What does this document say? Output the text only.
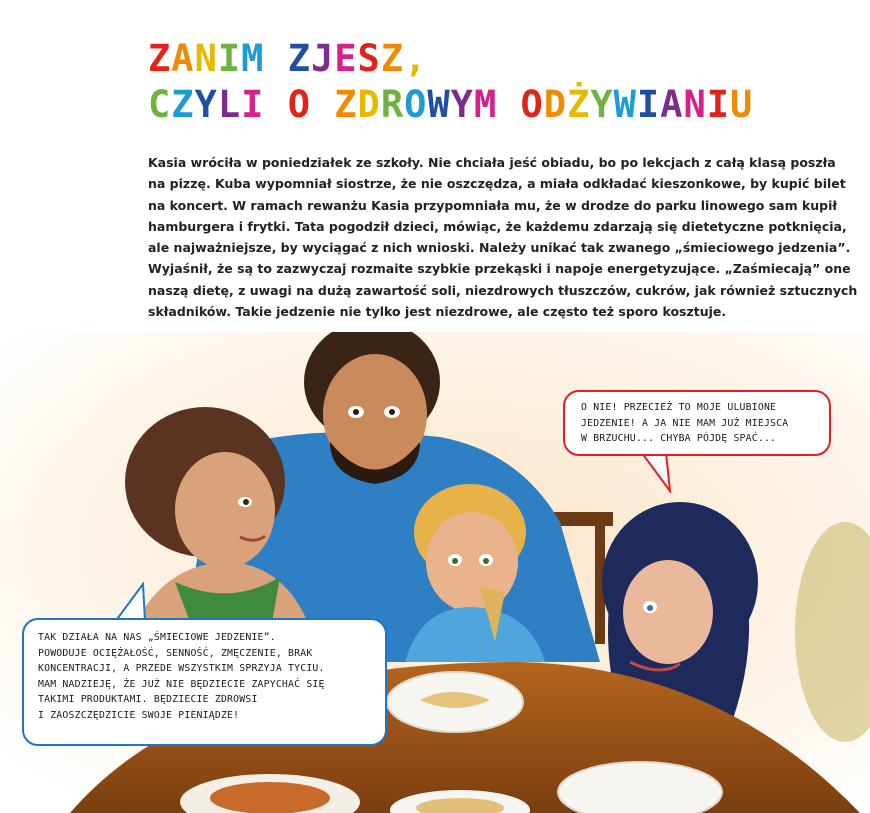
ZANIM ZJESZ,
CZYLI O ZDROWYM ODŻYWIANIU
Kasia wróciła w poniedziałek ze szkoły. Nie chciała jeść obiadu, bo po lekcjach z całą klasą poszła
na pizzę. Kuba wypomniał siostrze, że nie oszczędza, a miała odkładać kieszonkowe, by kupić bilet
na koncert. W ramach rewanżu Kasia przypomniała mu, że w drodze do parku linowego sam kupił
hamburgera i frytki. Tata pogodził dzieci, mówiąc, że każdemu zdarzają się dietetyczne potknięcia,
ale najważniejsze, by wyciągać z nich wnioski. Należy unikać tak zwanego „śmieciowego jedzenia”.
Wyjaśnił, że są to zazwyczaj rozmaite szybkie przekąski i napoje energetyzujące. „Zaśmiecają” one
naszą dietę, z uwagi na dużą zawartość soli, niezdrowych tłuszczów, cukrów, jak również sztucznych
składników. Takie jedzenie nie tylko jest niezdrowe, ale często też sporo kosztuje.
O NIE! PRZECIEŻ TO MOJE ULUBIONE
JEDZENIE! A JA NIE MAM JUŻ MIEJSCA
W BRZUCHU... CHYBA PÓJDĘ SPAĆ...
TAK DZIAŁA NA NAS „ŚMIECIOWE JEDZENIE”.
POWODUJE OCIĘŻAŁOŚĆ, SENNOŚĆ, ZMĘCZENIE, BRAK
KONCENTRACJI, A PRZEDE WSZYSTKIM SPRZYJA TYCIU.
MAM NADZIEJĘ, ŻE JUŻ NIE BĘDZIECIE ZAPYCHAĆ SIĘ
TAKIMI PRODUKTAMI. BĘDZIECIE ZDROWSI
I ZAOSZCZĘDZICIE SWOJE PIENIĄDZE!
